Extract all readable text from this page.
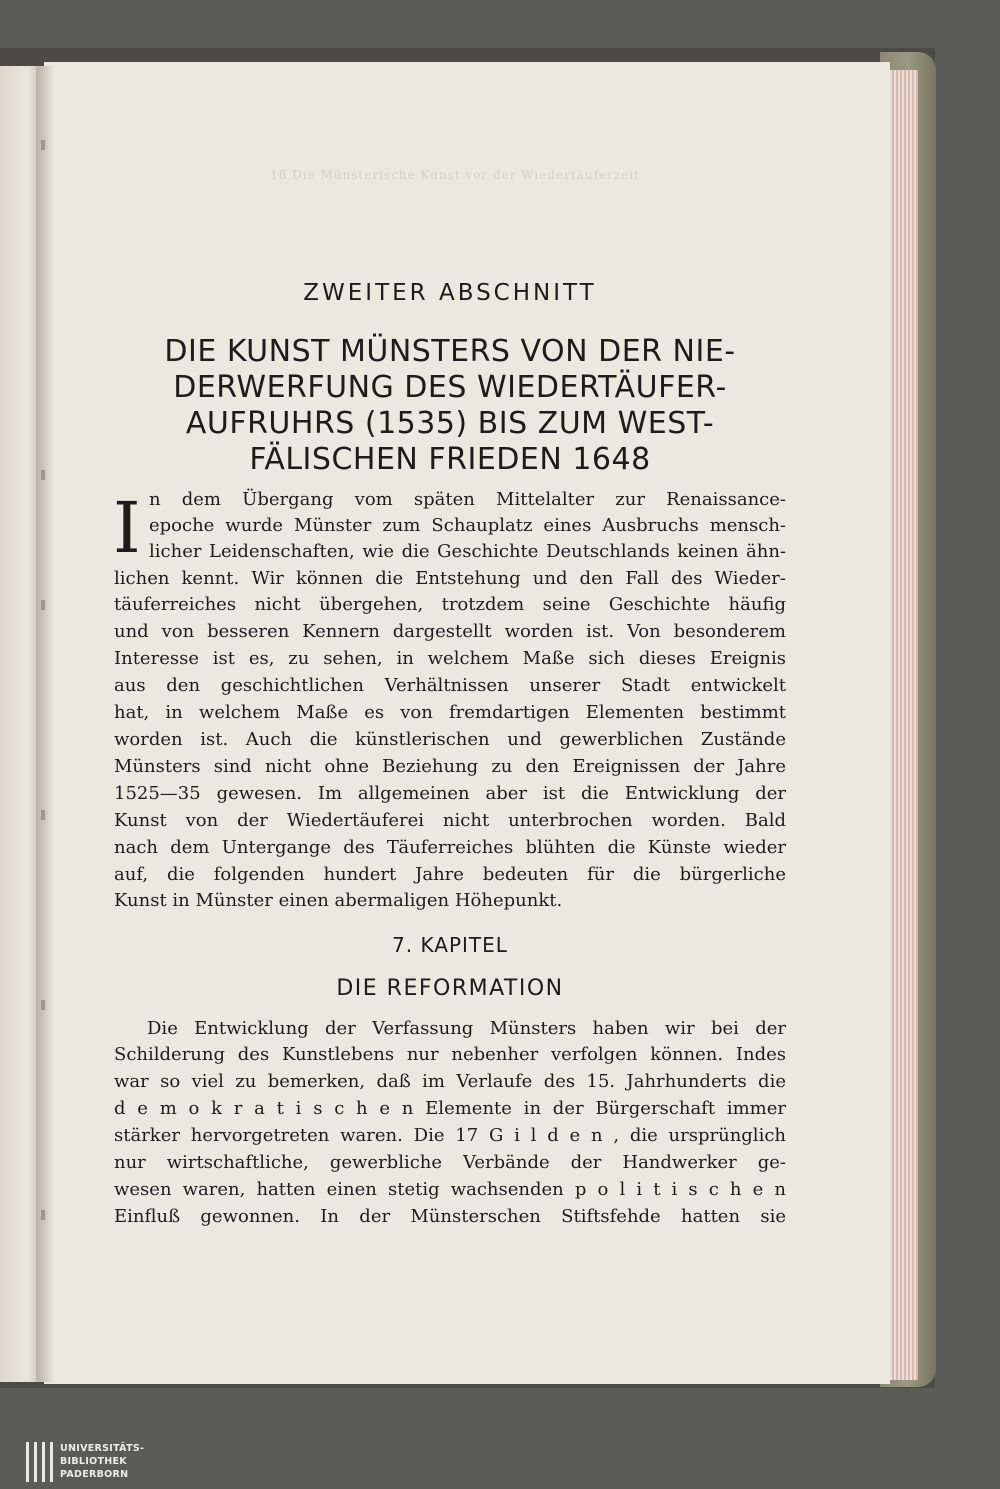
18 Die Münsterische Kunst vor der Wiedertäuferzeit
ZWEITER ABSCHNITT
DIE KUNST MÜNSTERS VON DER NIE-
DERWERFUNG DES WIEDERTÄUFER-
AUFRUHRS (1535) BIS ZUM WEST-
FÄLISCHEN FRIEDEN 1648
I n dem Übergang vom späten Mittelalter zur Renaissance-
epoche wurde Münster zum Schauplatz eines Ausbruchs mensch-
licher Leidenschaften, wie die Geschichte Deutschlands keinen ähn-
lichen kennt. Wir können die Entstehung und den Fall des Wieder-
täuferreiches nicht übergehen, trotzdem seine Geschichte häufig
und von besseren Kennern dargestellt worden ist. Von besonderem
Interesse ist es, zu sehen, in welchem Maße sich dieses Ereignis
aus den geschichtlichen Verhältnissen unserer Stadt entwickelt
hat, in welchem Maße es von fremdartigen Elementen bestimmt
worden ist. Auch die künstlerischen und gewerblichen Zustände
Münsters sind nicht ohne Beziehung zu den Ereignissen der Jahre
1525—35 gewesen. Im allgemeinen aber ist die Entwicklung der
Kunst von der Wiedertäuferei nicht unterbrochen worden. Bald
nach dem Untergange des Täuferreiches blühten die Künste wieder
auf, die folgenden hundert Jahre bedeuten für die bürgerliche
Kunst in Münster einen abermaligen Höhepunkt.
7. KAPITEL
DIE REFORMATION
Die Entwicklung der Verfassung Münsters haben wir bei der
Schilderung des Kunstlebens nur nebenher verfolgen können. Indes
war so viel zu bemerken, daß im Verlaufe des 15. Jahrhunderts die
d e m o k r a t i s c h e n Elemente in der Bürgerschaft immer
stärker hervorgetreten waren. Die 17 G i l d e n , die ursprünglich
nur wirtschaftliche, gewerbliche Verbände der Handwerker ge-
wesen waren, hatten einen stetig wachsenden p o l i t i s c h e n
Einfluß gewonnen. In der Münsterschen Stiftsfehde hatten sie
UNIVERSITÄTS-
BIBLIOTHEK
PADERBORN
